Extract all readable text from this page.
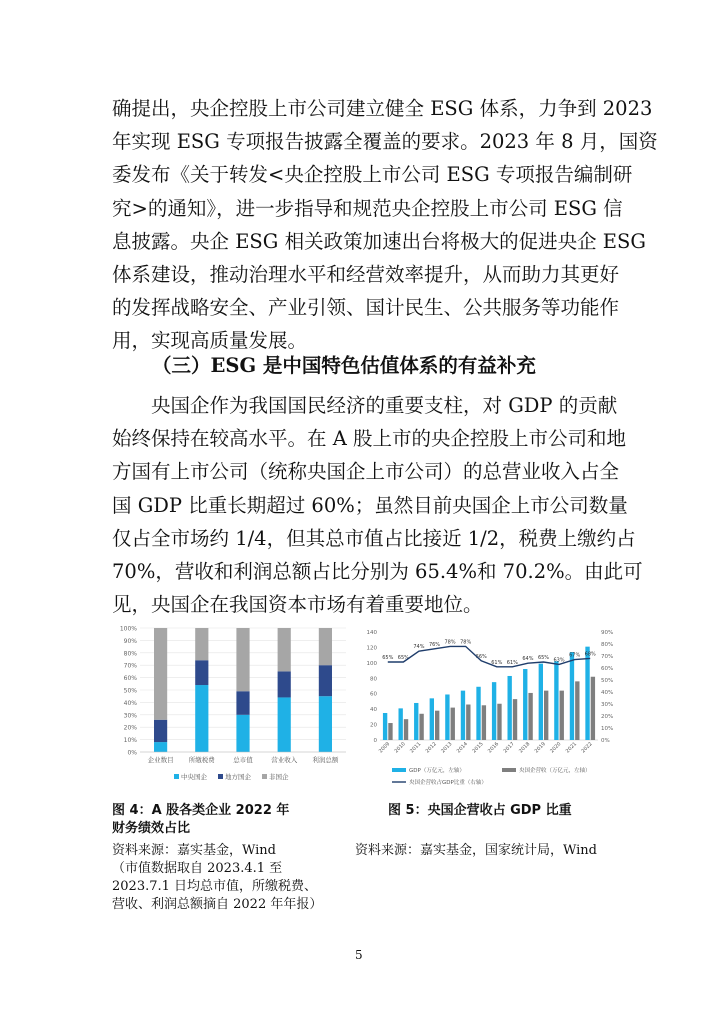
确提出，央企控股上市公司建立健全 ESG 体系，力争到 2023
年实现 ESG 专项报告披露全覆盖的要求。2023 年 8 月，国资
委发布《关于转发<央企控股上市公司 ESG 专项报告编制研
究>的通知》，进一步指导和规范央企控股上市公司 ESG 信
息披露。央企 ESG 相关政策加速出台将极大的促进央企 ESG
体系建设，推动治理水平和经营效率提升，从而助力其更好
的发挥战略安全、产业引领、国计民生、公共服务等功能作
用，实现高质量发展。

（三）ESG 是中国特色估值体系的有益补充

央国企作为我国国民经济的重要支柱，对 GDP 的贡献
始终保持在较高水平。在 A 股上市的央企控股上市公司和地
方国有上市公司（统称央国企上市公司）的总营业收入占全
国 GDP 比重长期超过 60%；虽然目前央国企上市公司数量
仅占全市场约 1/4，但其总市值占比接近 1/2，税费上缴约占
70%，营收和利润总额占比分别为 65.4%和 70.2%。由此可
见，央国企在我国资本市场有着重要地位。

0%
10%
20%
30%
40%
50%
60%
70%
80%
90%
100%
企业数目 所缴税费	总市值	营业收入 利润总额
中央国企	地方国企	非国企
0
20
40
60
80
100
120
140
0%
10%
20%
30%
40%
50%
60%
70%
80%
90%
65%
2009
65%
2010
74%
2011
76%
2012
78%
2013
78%
2014
66%
2015
61%
2016
61%
2017
64%
2018
65%
2019
63%
2020
67%
2021
68%
2022
GDP（万亿元，左轴）	央国企营收（万亿元，左轴）
央国企营收占GDP比重（右轴）

图 4：A 股各类企业 2022 年
财务绩效占比

图 5：央国企营收占 GDP 比重

资料来源：嘉实基金，Wind
（市值数据取自 2023.4.1 至
2023.7.1 日均总市值，所缴税费、
营收、利润总额摘自 2022 年年报）
资料来源：嘉实基金，国家统计局，Wind
5
